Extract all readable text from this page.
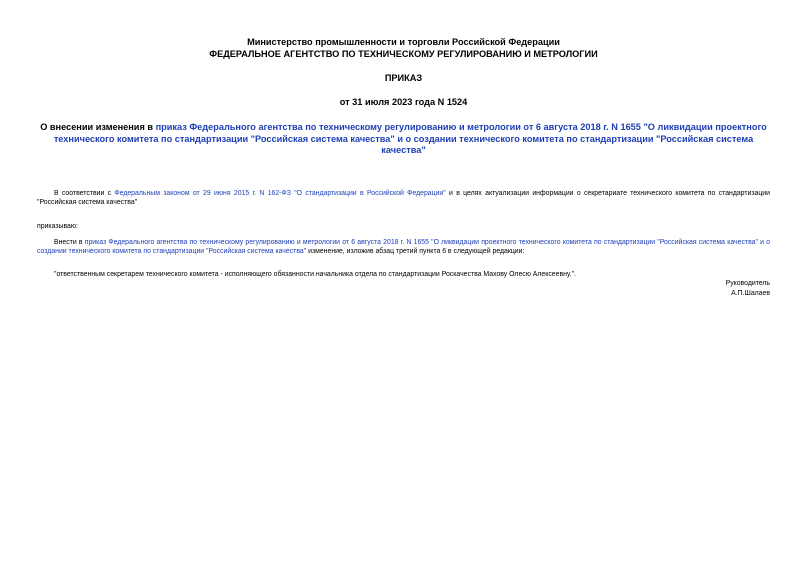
Министерство промышленности и торговли Российской Федерации
ФЕДЕРАЛЬНОЕ АГЕНТСТВО ПО ТЕХНИЧЕСКОМУ РЕГУЛИРОВАНИЮ И МЕТРОЛОГИИ
ПРИКАЗ
от 31 июля 2023 года N 1524
О внесении изменения в приказ Федерального агентства по техническому регулированию и метрологии от 6 августа 2018 г. N 1655 "О ликвидации проектного технического комитета по стандартизации "Российская система качества" и о создании технического комитета по стандартизации "Российская система качества"
В соответствии с Федеральным законом от 29 июня 2015 г. N 162-ФЗ "О стандартизации в Российской Федерации" и в целях актуализации информации о секретариате технического комитета по стандартизации "Российская система качества"
приказываю:
Внести в приказ Федерального агентства по техническому регулированию и метрологии от 6 августа 2018 г. N 1655 "О ликвидации проектного технического комитета по стандартизации "Российская система качества" и о создании технического комитета по стандартизации "Российская система качества" изменение, изложив абзац третий пункта 6 в следующей редакции:
"ответственным секретарем технического комитета - исполняющего обязанности начальника отдела по стандартизации Роскачества Махову Олесю Алексеевну.".
Руководитель
А.П.Шалаев
